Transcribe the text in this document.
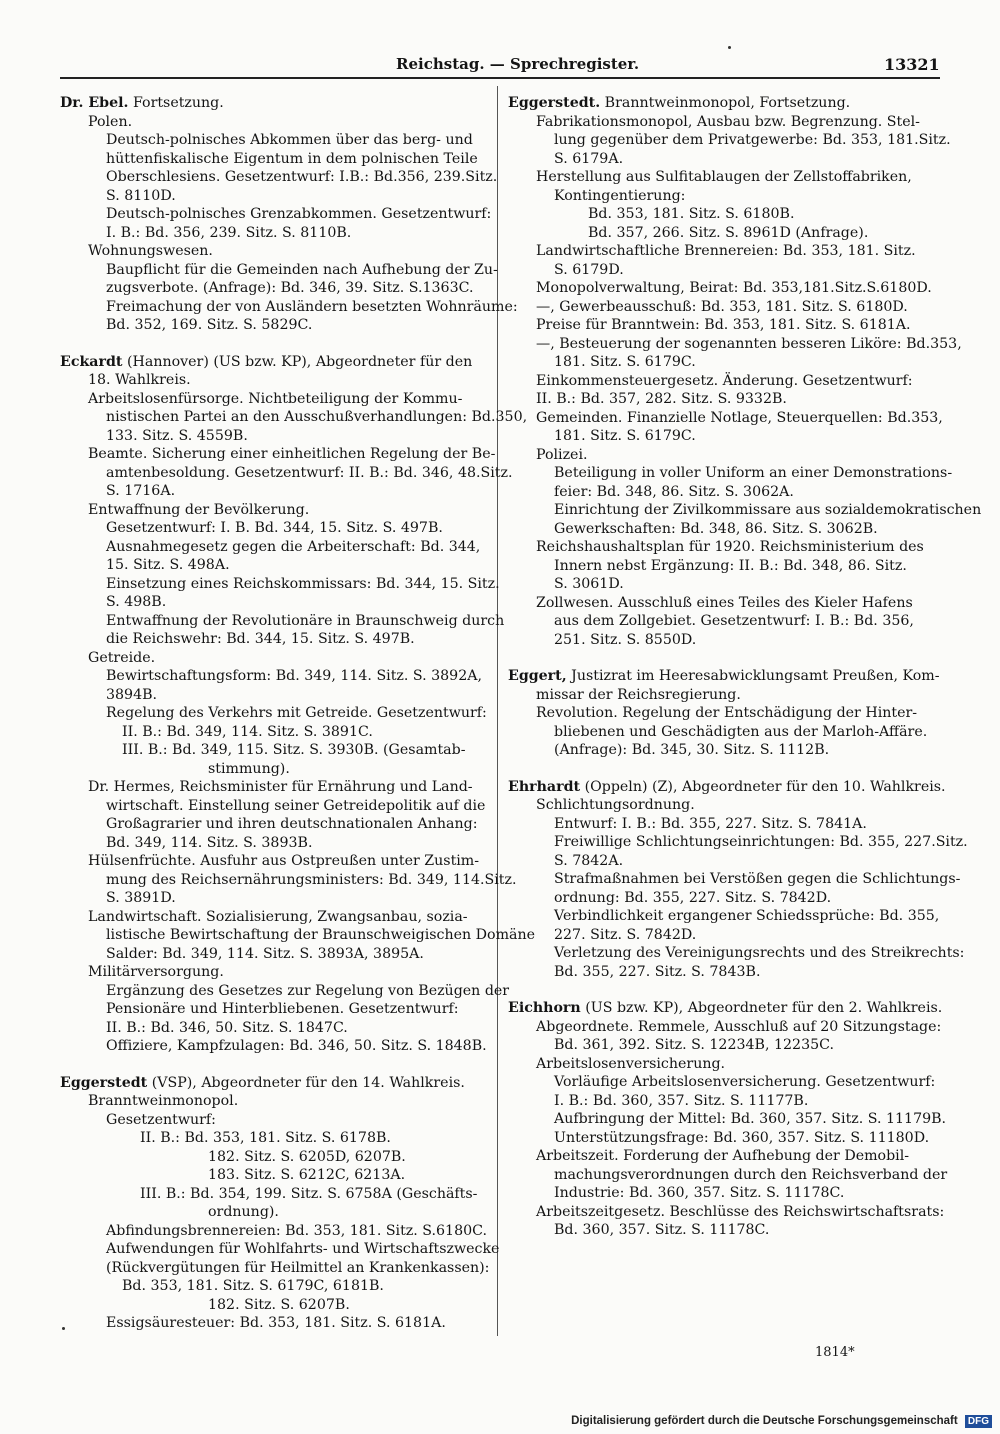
Reichstag. — Sprechregister.	13321
Dr. Ebel. Fortsetzung.
Polen.
Deutsch-polnisches Abkommen über das berg- und
hüttenfiskalische Eigentum in dem polnischen Teile
Oberschlesiens. Gesetzentwurf: I.B.: Bd.356, 239.Sitz.
S. 8110D.
Deutsch-polnisches Grenzabkommen. Gesetzentwurf:
I. B.: Bd. 356, 239. Sitz. S. 8110B.
Wohnungswesen.
Baupflicht für die Gemeinden nach Aufhebung der Zu-
zugsverbote. (Anfrage): Bd. 346, 39. Sitz. S.1363C.
Freimachung der von Ausländern besetzten Wohnräume:
Bd. 352, 169. Sitz. S. 5829C.
Eckardt (Hannover) (US bzw. KP), Abgeordneter für den
18. Wahlkreis.
Arbeitslosenfürsorge. Nichtbeteiligung der Kommu-
nistischen Partei an den Ausschußverhandlungen: Bd.350,
133. Sitz. S. 4559B.
Beamte. Sicherung einer einheitlichen Regelung der Be-
amtenbesoldung. Gesetzentwurf: II. B.: Bd. 346, 48.Sitz.
S. 1716A.
Entwaffnung der Bevölkerung.
Gesetzentwurf: I. B. Bd. 344, 15. Sitz. S. 497B.
Ausnahmegesetz gegen die Arbeiterschaft: Bd. 344,
15. Sitz. S. 498A.
Einsetzung eines Reichskommissars: Bd. 344, 15. Sitz.
S. 498B.
Entwaffnung der Revolutionäre in Braunschweig durch
die Reichswehr: Bd. 344, 15. Sitz. S. 497B.
Getreide.
Bewirtschaftungsform: Bd. 349, 114. Sitz. S. 3892A,
3894B.
Regelung des Verkehrs mit Getreide. Gesetzentwurf:
II. B.: Bd. 349, 114. Sitz. S. 3891C.
III. B.: Bd. 349, 115. Sitz. S. 3930B. (Gesamtab-
stimmung).
Dr. Hermes, Reichsminister für Ernährung und Land-
wirtschaft. Einstellung seiner Getreidepolitik auf die
Großagrarier und ihren deutschnationalen Anhang:
Bd. 349, 114. Sitz. S. 3893B.
Hülsenfrüchte. Ausfuhr aus Ostpreußen unter Zustim-
mung des Reichsernährungsministers: Bd. 349, 114.Sitz.
S. 3891D.
Landwirtschaft. Sozialisierung, Zwangsanbau, sozia-
listische Bewirtschaftung der Braunschweigischen Domäne
Salder: Bd. 349, 114. Sitz. S. 3893A, 3895A.
Militärversorgung.
Ergänzung des Gesetzes zur Regelung von Bezügen der
Pensionäre und Hinterbliebenen. Gesetzentwurf:
II. B.: Bd. 346, 50. Sitz. S. 1847C.
Offiziere, Kampfzulagen: Bd. 346, 50. Sitz. S. 1848B.
Eggerstedt (VSP), Abgeordneter für den 14. Wahlkreis.
Branntweinmonopol.
Gesetzentwurf:
II. B.: Bd. 353, 181. Sitz. S. 6178B.
182. Sitz. S. 6205D, 6207B.
183. Sitz. S. 6212C, 6213A.
III. B.: Bd. 354, 199. Sitz. S. 6758A (Geschäfts-
ordnung).
Abfindungsbrennereien: Bd. 353, 181. Sitz. S.6180C.
Aufwendungen für Wohlfahrts- und Wirtschaftszwecke
(Rückvergütungen für Heilmittel an Krankenkassen):
Bd. 353, 181. Sitz. S. 6179C, 6181B.
182. Sitz. S. 6207B.
Essigsäuresteuer: Bd. 353, 181. Sitz. S. 6181A.
Eggerstedt. Branntweinmonopol, Fortsetzung.
Fabrikationsmonopol, Ausbau bzw. Begrenzung. Stel-
lung gegenüber dem Privatgewerbe: Bd. 353, 181.Sitz.
S. 6179A.
Herstellung aus Sulfitablaugen der Zellstoffabriken,
Kontingentierung:
Bd. 353, 181. Sitz. S. 6180B.
Bd. 357, 266. Sitz. S. 8961D (Anfrage).
Landwirtschaftliche Brennereien: Bd. 353, 181. Sitz.
S. 6179D.
Monopolverwaltung, Beirat: Bd. 353,181.Sitz.S.6180D.
—, Gewerbeausschuß: Bd. 353, 181. Sitz. S. 6180D.
Preise für Branntwein: Bd. 353, 181. Sitz. S. 6181A.
—, Besteuerung der sogenannten besseren Liköre: Bd.353,
181. Sitz. S. 6179C.
Einkommensteuergesetz. Änderung. Gesetzentwurf:
II. B.: Bd. 357, 282. Sitz. S. 9332B.
Gemeinden. Finanzielle Notlage, Steuerquellen: Bd.353,
181. Sitz. S. 6179C.
Polizei.
Beteiligung in voller Uniform an einer Demonstrations-
feier: Bd. 348, 86. Sitz. S. 3062A.
Einrichtung der Zivilkommissare aus sozialdemokratischen
Gewerkschaften: Bd. 348, 86. Sitz. S. 3062B.
Reichshaushaltsplan für 1920. Reichsministerium des
Innern nebst Ergänzung: II. B.: Bd. 348, 86. Sitz.
S. 3061D.
Zollwesen. Ausschluß eines Teiles des Kieler Hafens
aus dem Zollgebiet. Gesetzentwurf: I. B.: Bd. 356,
251. Sitz. S. 8550D.
Eggert, Justizrat im Heeresabwicklungsamt Preußen, Kom-
missar der Reichsregierung.
Revolution. Regelung der Entschädigung der Hinter-
bliebenen und Geschädigten aus der Marloh-Affäre.
(Anfrage): Bd. 345, 30. Sitz. S. 1112B.
Ehrhardt (Oppeln) (Z), Abgeordneter für den 10. Wahlkreis.
Schlichtungsordnung.
Entwurf: I. B.: Bd. 355, 227. Sitz. S. 7841A.
Freiwillige Schlichtungseinrichtungen: Bd. 355, 227.Sitz.
S. 7842A.
Strafmaßnahmen bei Verstößen gegen die Schlichtungs-
ordnung: Bd. 355, 227. Sitz. S. 7842D.
Verbindlichkeit ergangener Schiedssprüche: Bd. 355,
227. Sitz. S. 7842D.
Verletzung des Vereinigungsrechts und des Streikrechts:
Bd. 355, 227. Sitz. S. 7843B.
Eichhorn (US bzw. KP), Abgeordneter für den 2. Wahlkreis.
Abgeordnete. Remmele, Ausschluß auf 20 Sitzungstage:
Bd. 361, 392. Sitz. S. 12234B, 12235C.
Arbeitslosenversicherung.
Vorläufige Arbeitslosenversicherung. Gesetzentwurf:
I. B.: Bd. 360, 357. Sitz. S. 11177B.
Aufbringung der Mittel: Bd. 360, 357. Sitz. S. 11179B.
Unterstützungsfrage: Bd. 360, 357. Sitz. S. 11180D.
Arbeitszeit. Forderung der Aufhebung der Demobil-
machungsverordnungen durch den Reichsverband der
Industrie: Bd. 360, 357. Sitz. S. 11178C.
Arbeitszeitgesetz. Beschlüsse des Reichswirtschaftsrats:
Bd. 360, 357. Sitz. S. 11178C.
1814*
Digitalisierung gefördert durch die Deutsche Forschungsgemeinschaft DFG
